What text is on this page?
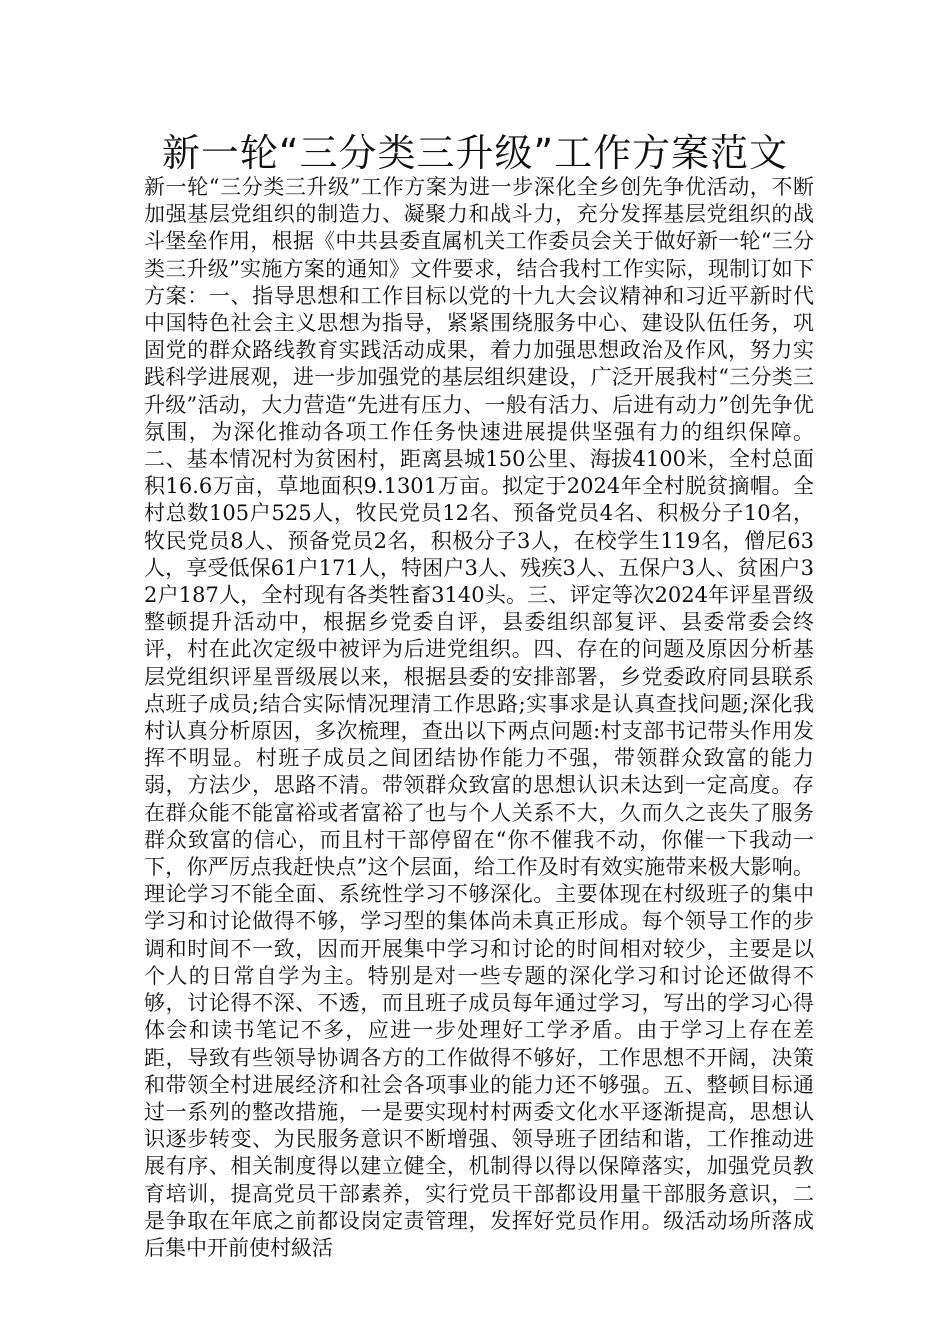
新一轮“三分类三升级”工作方案范文

新一轮“三分类三升级”工作方案为进一步深化全乡创先争优活动，不断加强基层党组织的制造力、凝聚力和战斗力，充分发挥基层党组织的战斗堡垒作用，根据《中共县委直属机关工作委员会关于做好新一轮“三分类三升级”实施方案的通知》文件要求，结合我村工作实际，现制订如下方案：一、指导思想和工作目标以党的十九大会议精神和习近平新时代中国特色社会主义思想为指导，紧紧围绕服务中心、建设队伍任务，巩固党的群众路线教育实践活动成果，着力加强思想政治及作风，努力实践科学进展观，进一步加强党的基层组织建设，广泛开展我村“三分类三升级”活动，大力营造“先进有压力、一般有活力、后进有动力”创先争优氛围，为深化推动各项工作任务快速进展提供坚强有力的组织保障。二、基本情况村为贫困村，距离县城150公里、海拔4100米，全村总面积16.6万亩，草地面积9.1301万亩。拟定于2024年全村脱贫摘帽。全村总数105户525人，牧民党员12名、预备党员4名、积极分子10名，牧民党员8人、预备党员2名，积极分子3人，在校学生119名，僧尼63人，享受低保61户171人，特困户3人、残疾3人、五保户3人、贫困户32户187人，全村现有各类牲畜3140头。三、评定等次2024年评星晋级整顿提升活动中，根据乡党委自评，县委组织部复评、县委常委会终评，村在此次定级中被评为后进党组织。四、存在的问题及原因分析基层党组织评星晋级展以来，根据县委的安排部署，乡党委政府同县联系点班子成员;结合实际情况理清工作思路;实事求是认真查找问题;深化我村认真分析原因，多次梳理，查出以下两点问题:村支部书记带头作用发挥不明显。村班子成员之间团结协作能力不强，带领群众致富的能力弱，方法少，思路不清。带领群众致富的思想认识未达到一定高度。存在群众能不能富裕或者富裕了也与个人关系不大，久而久之丧失了服务群众致富的信心，而且村干部停留在“你不催我不动，你催一下我动一下，你严厉点我赶快点”这个层面，给工作及时有效实施带来极大影响。理论学习不能全面、系统性学习不够深化。主要体现在村级班子的集中学习和讨论做得不够，学习型的集体尚未真正形成。每个领导工作的步调和时间不一致，因而开展集中学习和讨论的时间相对较少，主要是以个人的日常自学为主。特别是对一些专题的深化学习和讨论还做得不够，讨论得不深、不透，而且班子成员每年通过学习，写出的学习心得体会和读书笔记不多，应进一步处理好工学矛盾。由于学习上存在差距，导致有些领导协调各方的工作做得不够好，工作思想不开阔，决策和带领全村进展经济和社会各项事业的能力还不够强。五、整顿目标通过一系列的整改措施，一是要实现村村两委文化水平逐渐提高，思想认识逐步转变、为民服务意识不断增强、领导班子团结和谐，工作推动进展有序、相关制度得以建立健全，机制得以得以保障落实，加强党员教育培训，提高党员干部素养，实行党员干部都设用量干部服务意识，二是争取在年底之前都设岗定责管理，发挥好党员作用。级活动场所落成后集中开前使村級活
